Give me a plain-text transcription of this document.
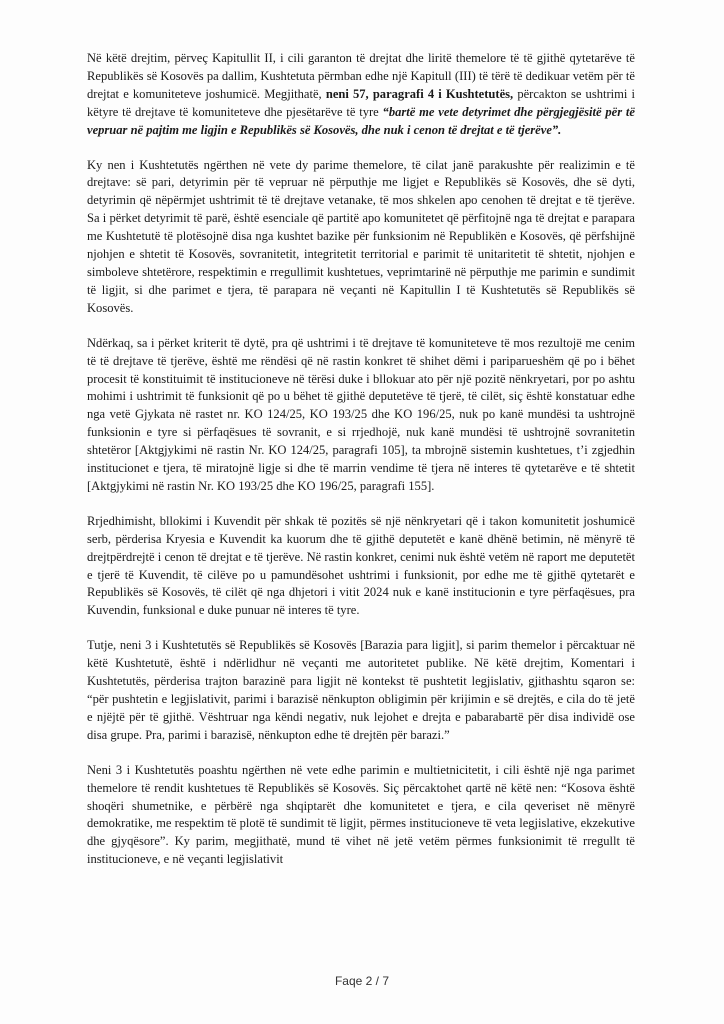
Në këtë drejtim, përveç Kapitullit II, i cili garanton të drejtat dhe liritë themelore të të gjithë qytetarëve të Republikës së Kosovës pa dallim, Kushtetuta përmban edhe një Kapitull (III) të tërë të dedikuar vetëm për të drejtat e komuniteteve joshumicë. Megjithatë, neni 57, paragrafi 4 i Kushtetutës, përcakton se ushtrimi i këtyre të drejtave të komuniteteve dhe pjesëtarëve të tyre “bartë me vete detyrimet dhe përgjegjësitë për të vepruar në pajtim me ligjin e Republikës së Kosovës, dhe nuk i cenon të drejtat e të tjerëve”.

Ky nen i Kushtetutës ngërthen në vete dy parime themelore, të cilat janë parakushte për realizimin e të drejtave: së pari, detyrimin për të vepruar në përputhje me ligjet e Republikës së Kosovës, dhe së dyti, detyrimin që nëpërmjet ushtrimit të të drejtave vetanake, të mos shkelen apo cenohen të drejtat e të tjerëve. Sa i përket detyrimit të parë, është esenciale që partitë apo komunitetet që përfitojnë nga të drejtat e parapara me Kushtetutë të plotësojnë disa nga kushtet bazike për funksionim në Republikën e Kosovës, që përfshijnë njohjen e shtetit të Kosovës, sovranitetit, integritetit territorial e parimit të unitaritetit të shtetit, njohjen e simboleve shtetërore, respektimin e rregullimit kushtetues, veprimtarinë në përputhje me parimin e sundimit të ligjit, si dhe parimet e tjera, të parapara në veçanti në Kapitullin I të Kushtetutës së Republikës së Kosovës.

Ndërkaq, sa i përket kriterit të dytë, pra që ushtrimi i të drejtave të komuniteteve të mos rezultojë me cenim të të drejtave të tjerëve, është me rëndësi që në rastin konkret të shihet dëmi i pariparueshëm që po i bëhet procesit të konstituimit të institucioneve në tërësi duke i bllokuar ato për një pozitë nënkryetari, por po ashtu mohimi i ushtrimit të funksionit që po u bëhet të gjithë deputetëve të tjerë, të cilët, siç është konstatuar edhe nga vetë Gjykata në rastet nr. KO 124/25, KO 193/25 dhe KO 196/25, nuk po kanë mundësi ta ushtrojnë funksionin e tyre si përfaqësues të sovranit, e si rrjedhojë, nuk kanë mundësi të ushtrojnë sovranitetin shtetëror [Aktgjykimi në rastin Nr. KO 124/25, paragrafi 105], ta mbrojnë sistemin kushtetues, t’i zgjedhin institucionet e tjera, të miratojnë ligje si dhe të marrin vendime të tjera në interes të qytetarëve e të shtetit [Aktgjykimi në rastin Nr. KO 193/25 dhe KO 196/25, paragrafi 155].

Rrjedhimisht, bllokimi i Kuvendit për shkak të pozitës së një nënkryetari që i takon komunitetit joshumicë serb, përderisa Kryesia e Kuvendit ka kuorum dhe të gjithë deputetët e kanë dhënë betimin, në mënyrë të drejtpërdrejtë i cenon të drejtat e të tjerëve. Në rastin konkret, cenimi nuk është vetëm në raport me deputetët e tjerë të Kuvendit, të cilëve po u pamundësohet ushtrimi i funksionit, por edhe me të gjithë qytetarët e Republikës së Kosovës, të cilët që nga dhjetori i vitit 2024 nuk e kanë institucionin e tyre përfaqësues, pra Kuvendin, funksional e duke punuar në interes të tyre.

Tutje, neni 3 i Kushtetutës së Republikës së Kosovës [Barazia para ligjit], si parim themelor i përcaktuar në këtë Kushtetutë, është i ndërlidhur në veçanti me autoritetet publike. Në këtë drejtim, Komentari i Kushtetutës, përderisa trajton barazinë para ligjit në kontekst të pushtetit legjislativ, gjithashtu sqaron se: “për pushtetin e legjislativit, parimi i barazisë nënkupton obligimin për krijimin e së drejtës, e cila do të jetë e njëjtë për të gjithë. Vështruar nga këndi negativ, nuk lejohet e drejta e pabarabartë për disa individë ose disa grupe. Pra, parimi i barazisë, nënkupton edhe të drejtën për barazi.”

Neni 3 i Kushtetutës poashtu ngërthen në vete edhe parimin e multietnicitetit, i cili është një nga parimet themelore të rendit kushtetues të Republikës së Kosovës. Siç përcaktohet qartë në këtë nen: “Kosova është shoqëri shumetnike, e përbërë nga shqiptarët dhe komunitetet e tjera, e cila qeveriset në mënyrë demokratike, me respektim të plotë të sundimit të ligjit, përmes institucioneve të veta legjislative, ekzekutive dhe gjyqësore”. Ky parim, megjithatë, mund të vihet në jetë vetëm përmes funksionimit të rregullt të institucioneve, e në veçanti legjislativit

Faqe 2 / 7
